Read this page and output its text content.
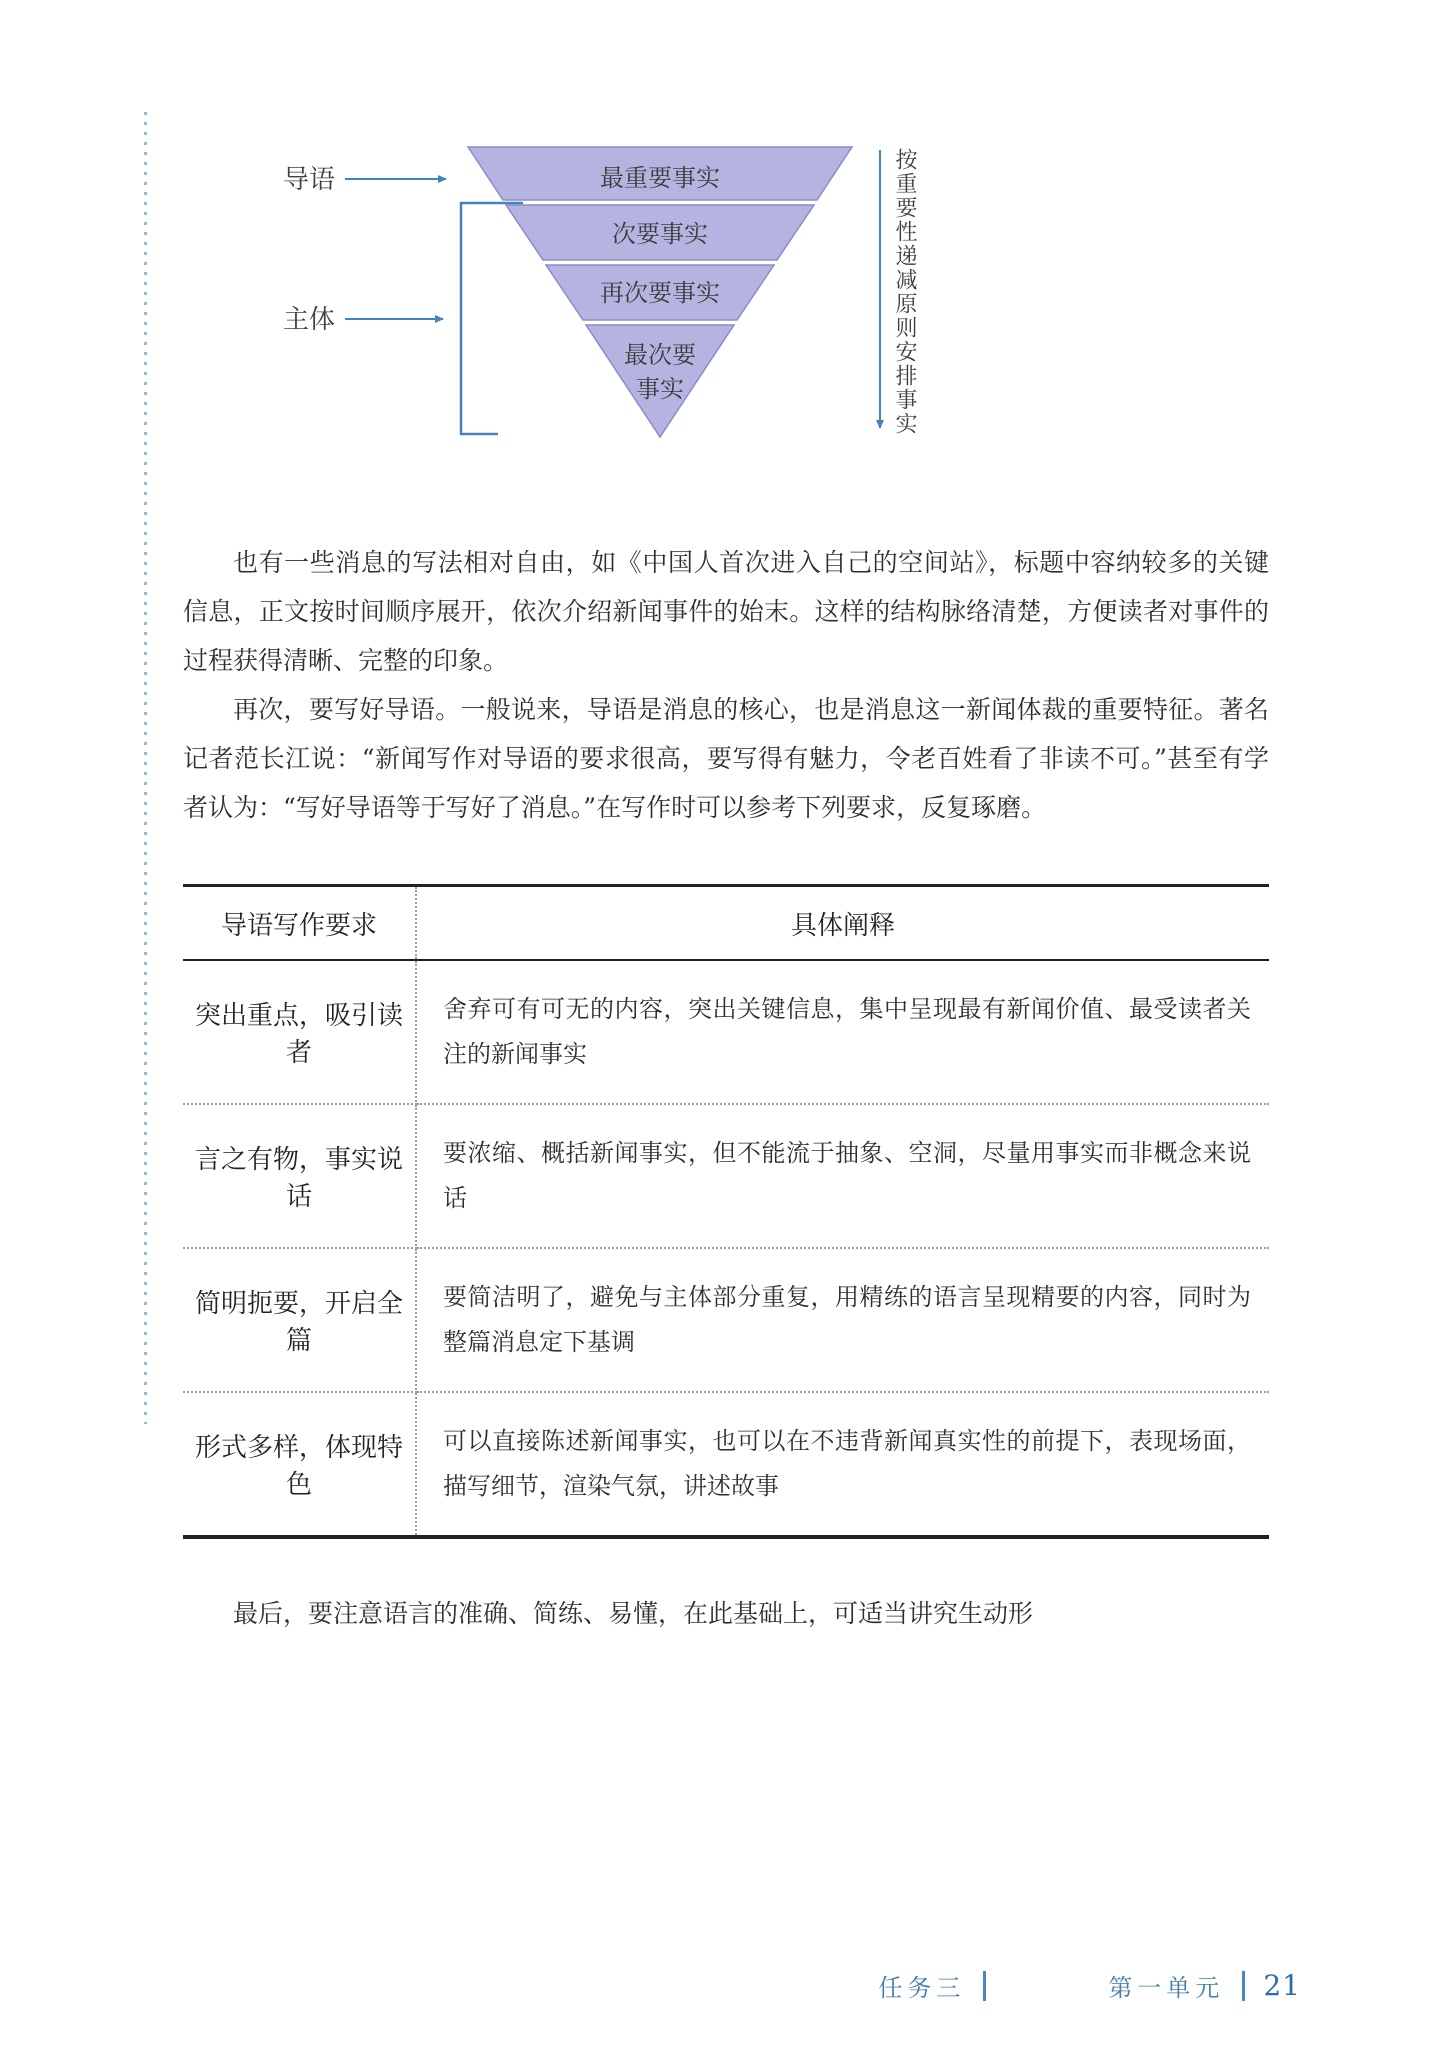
最重要事实
次要事实
再次要事实
最次要
事实
导语
主体	按重要性递减原则安排事实

也有一些消息的写法相对自由，如《中国人首次进入自己的空间站》，标题中容纳较多的关键信息，正文按时间顺序展开，依次介绍新闻事件的始末。这样的结构脉络清楚，方便读者对事件的过程获得清晰、完整的印象。

再次，要写好导语。一般说来，导语是消息的核心，也是消息这一新闻体裁的重要特征。著名记者范长江说：“新闻写作对导语的要求很高，要写得有魅力，令老百姓看了非读不可。”甚至有学者认为：“写好导语等于写好了消息。”在写作时可以参考下列要求，反复琢磨。

导语写作要求	具体阐释
突出重点，吸引读者	舍弃可有可无的内容，突出关键信息，集中呈现最有新闻价值、最受读者关注的新闻事实
言之有物，事实说话	要浓缩、概括新闻事实，但不能流于抽象、空洞，尽量用事实而非概念来说话
简明扼要，开启全篇	要简洁明了，避免与主体部分重复，用精练的语言呈现精要的内容，同时为整篇消息定下基调
形式多样，体现特色	可以直接陈述新闻事实，也可以在不违背新闻真实性的前提下，表现场面，描写细节，渲染气氛，讲述故事

最后，要注意语言的准确、简练、易懂，在此基础上，可适当讲究生动形

任务三	第一单元 21
